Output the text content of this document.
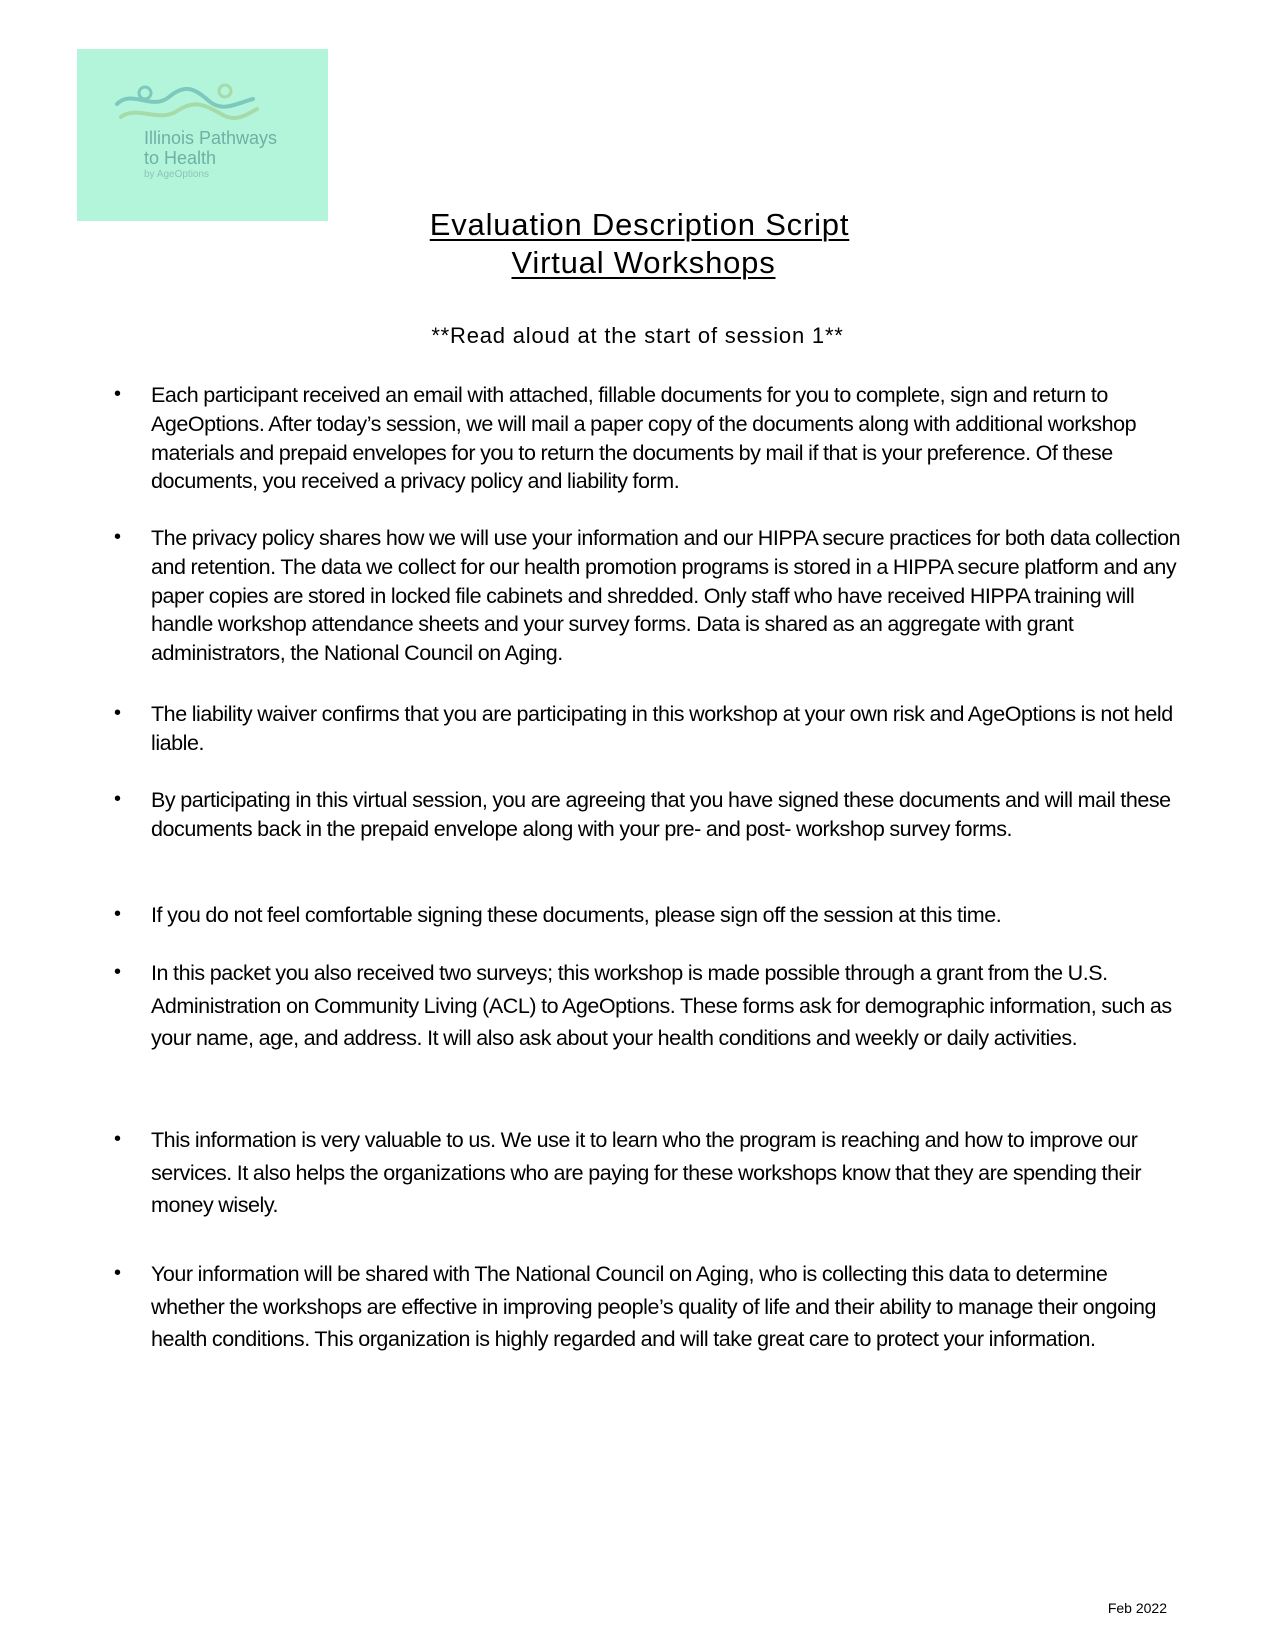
Illinois Pathways
to Health
by AgeOptions
Evaluation Description Script
Virtual Workshops
**Read aloud at the start of session 1**
• Each participant received an email with attached, fillable documents for you to complete, sign and return to AgeOptions. After today’s session, we will mail a paper copy of the documents along with additional workshop materials and prepaid envelopes for you to return the documents by mail if that is your preference. Of these documents, you received a privacy policy and liability form.
• The privacy policy shares how we will use your information and our HIPPA secure practices for both data collection and retention. The data we collect for our health promotion programs is stored in a HIPPA secure platform and any paper copies are stored in locked file cabinets and shredded. Only staff who have received HIPPA training will handle workshop attendance sheets and your survey forms. Data is shared as an aggregate with grant administrators, the National Council on Aging.
• The liability waiver confirms that you are participating in this workshop at your own risk and AgeOptions is not held liable.
• By participating in this virtual session, you are agreeing that you have signed these documents and will mail these documents back in the prepaid envelope along with your pre- and post- workshop survey forms.
• If you do not feel comfortable signing these documents, please sign off the session at this time.
• In this packet you also received two surveys; this workshop is made possible through a grant from the U.S. Administration on Community Living (ACL) to AgeOptions. These forms ask for demographic information, such as your name, age, and address. It will also ask about your health conditions and weekly or daily activities.
• This information is very valuable to us. We use it to learn who the program is reaching and how to improve our services. It also helps the organizations who are paying for these workshops know that they are spending their money wisely.
• Your information will be shared with The National Council on Aging, who is collecting this data to determine whether the workshops are effective in improving people’s quality of life and their ability to manage their ongoing health conditions. This organization is highly regarded and will take great care to protect your information.
Feb 2022
